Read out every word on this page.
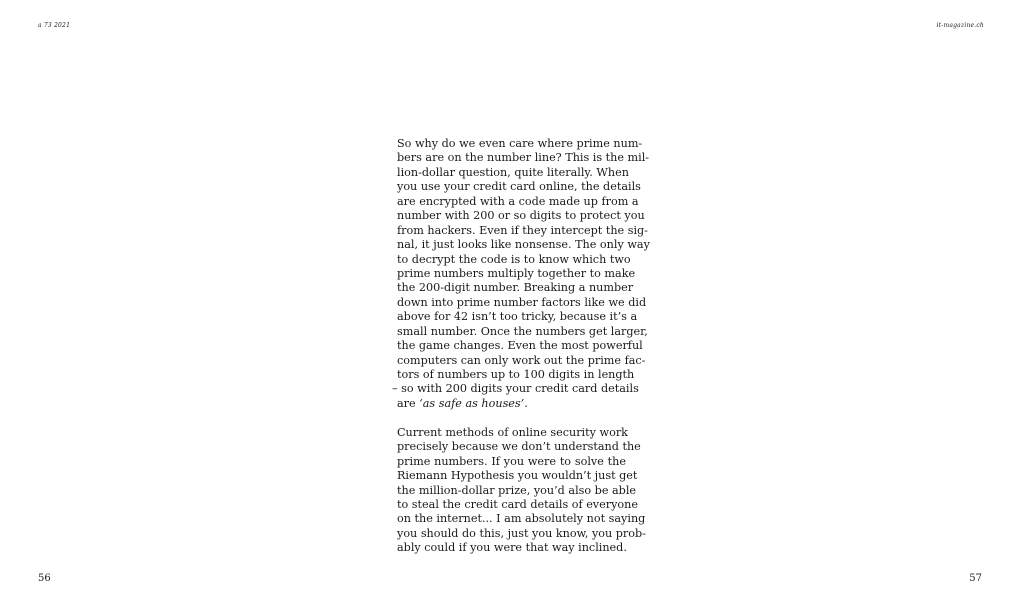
a 73 2021	it-magazine.ch
So why do we even care where prime num-
bers are on the number line? This is the mil-
lion-dollar question, quite literally. When
you use your credit card online, the details
are encrypted with a code made up from a
number with 200 or so digits to protect you
from hackers. Even if they intercept the sig-
nal, it just looks like nonsense. The only way
to decrypt the code is to know which two
prime numbers multiply together to make
the 200-digit number. Breaking a number
down into prime number factors like we did
above for 42 isn’t too tricky, because it’s a
small number. Once the numbers get larger,
the game changes. Even the most powerful
computers can only work out the prime fac-
tors of numbers up to 100 digits in length
– so with 200 digits your credit card details
are ‘as safe as houses’.
Current methods of online security work
precisely because we don’t understand the
prime numbers. If you were to solve the
Riemann Hypothesis you wouldn’t just get
the million-dollar prize, you’d also be able
to steal the credit card details of everyone
on the internet... I am absolutely not saying
you should do this, just you know, you prob-
ably could if you were that way inclined.
56	57
